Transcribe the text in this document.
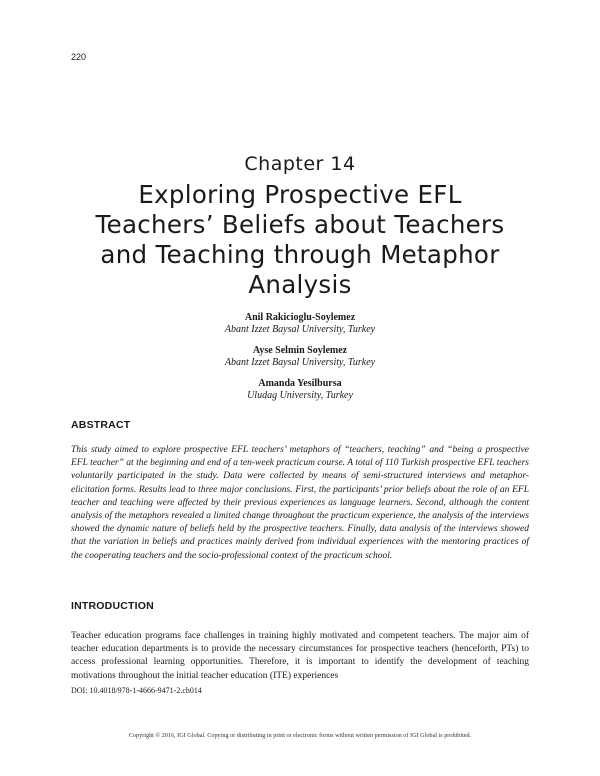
220
Chapter 14
Exploring Prospective EFL Teachers’ Beliefs about Teachers and Teaching through Metaphor Analysis
Anil Rakicioglu-Soylemez
Abant Izzet Baysal University, Turkey
Ayse Selmin Soylemez
Abant Izzet Baysal University, Turkey
Amanda Yesilbursa
Uludag University, Turkey
ABSTRACT

This study aimed to explore prospective EFL teachers’ metaphors of “teachers, teaching” and “being a prospective EFL teacher” at the beginning and end of a ten-week practicum course. A total of 110 Turkish prospective EFL teachers voluntarily participated in the study. Data were collected by means of semi-structured interviews and metaphor-elicitation forms. Results lead to three major conclusions. First, the participants’ prior beliefs about the role of an EFL teacher and teaching were affected by their previous experiences as language learners. Second, although the content analysis of the metaphors revealed a limited change throughout the practicum experience, the analysis of the interviews showed the dynamic nature of beliefs held by the prospective teachers. Finally, data analysis of the interviews showed that the variation in beliefs and practices mainly derived from individual experiences with the mentoring practices of the cooperating teachers and the socio-professional context of the practicum school.

INTRODUCTION

Teacher education programs face challenges in training highly motivated and competent teachers. The major aim of teacher education departments is to provide the necessary circumstances for prospective teachers (henceforth, PTs) to access professional learning opportunities. Therefore, it is important to identify the development of teaching motivations throughout the initial teacher education (ITE) experiences

DOI: 10.4018/978-1-4666-9471-2.ch014
Copyright © 2016, IGI Global. Copying or distributing in print or electronic forms without written permission of IGI Global is prohibited.
